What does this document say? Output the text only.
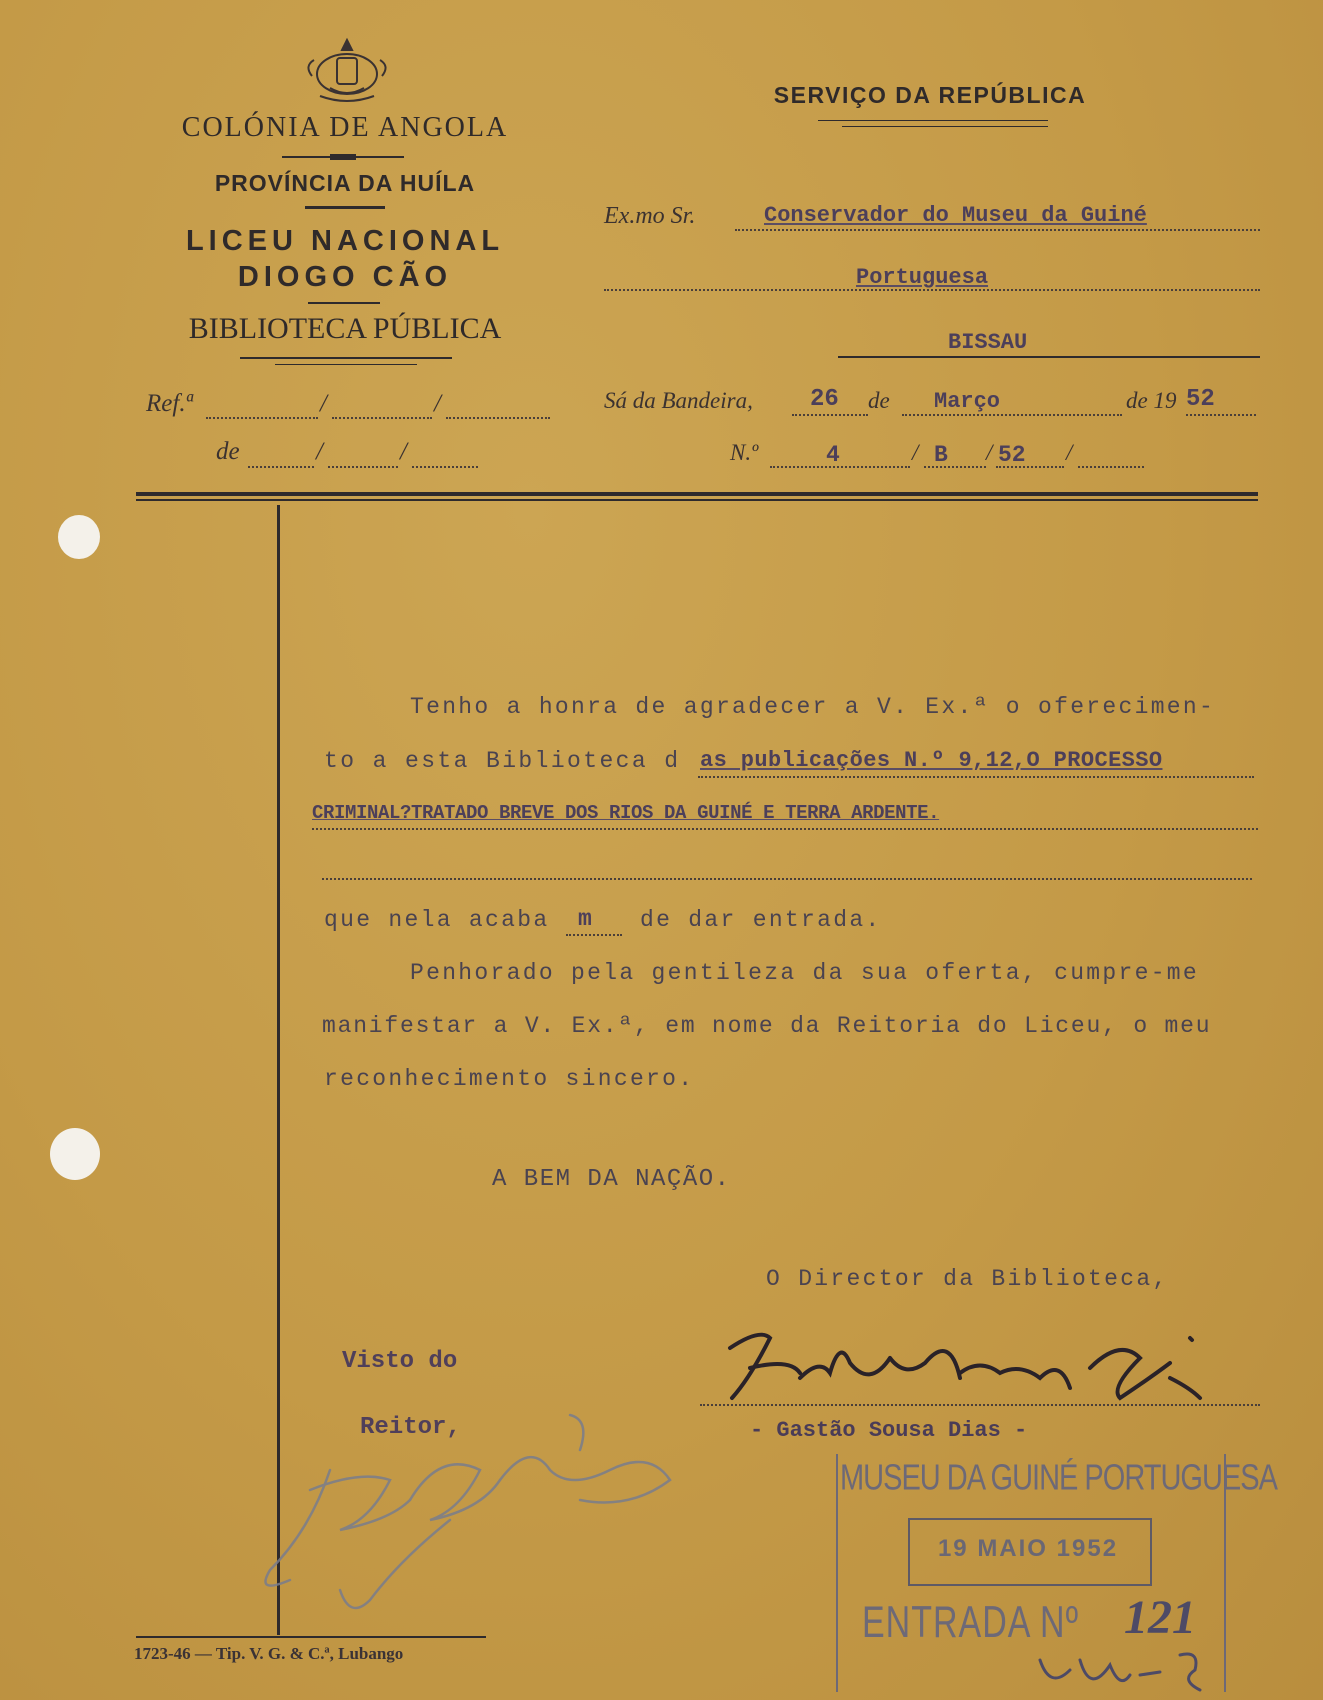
COLÓNIA DE ANGOLA
PROVÍNCIA DA HUÍLA
LICEU NACIONAL
DIOGO CÃO
BIBLIOTECA PÚBLICA
SERVIÇO DA REPÚBLICA
Ex.mo Sr.	Conservador do Museu da Guiné
Portuguesa
BISSAU
Ref.ª	/	/
de	/	/
Sá da Bandeira, 26 de Março	de 19 52
N.º	4	/ B / 52 /
Tenho a honra de agradecer a V. Ex.ª o oferecimen-
to a esta Biblioteca d as publicações N.º 9,12,O PROCESSO
CRIMINAL?TRATADO BREVE DOS RIOS DA GUINÉ E TERRA ARDENTE.
que nela acaba m de dar entrada.
Penhorado pela gentileza da sua oferta, cumpre-me
manifestar a V. Ex.ª, em nome da Reitoria do Liceu, o meu
reconhecimento sincero.
A BEM DA NAÇÃO.
O Director da Biblioteca,
- Gastão Sousa Dias -
Visto do
Reitor,
MUSEU DA GUINÉ PORTUGUESA
19 MAIO 1952
ENTRADA Nº 121
1723-46 — Tip. V. G. & C.ª, Lubango
